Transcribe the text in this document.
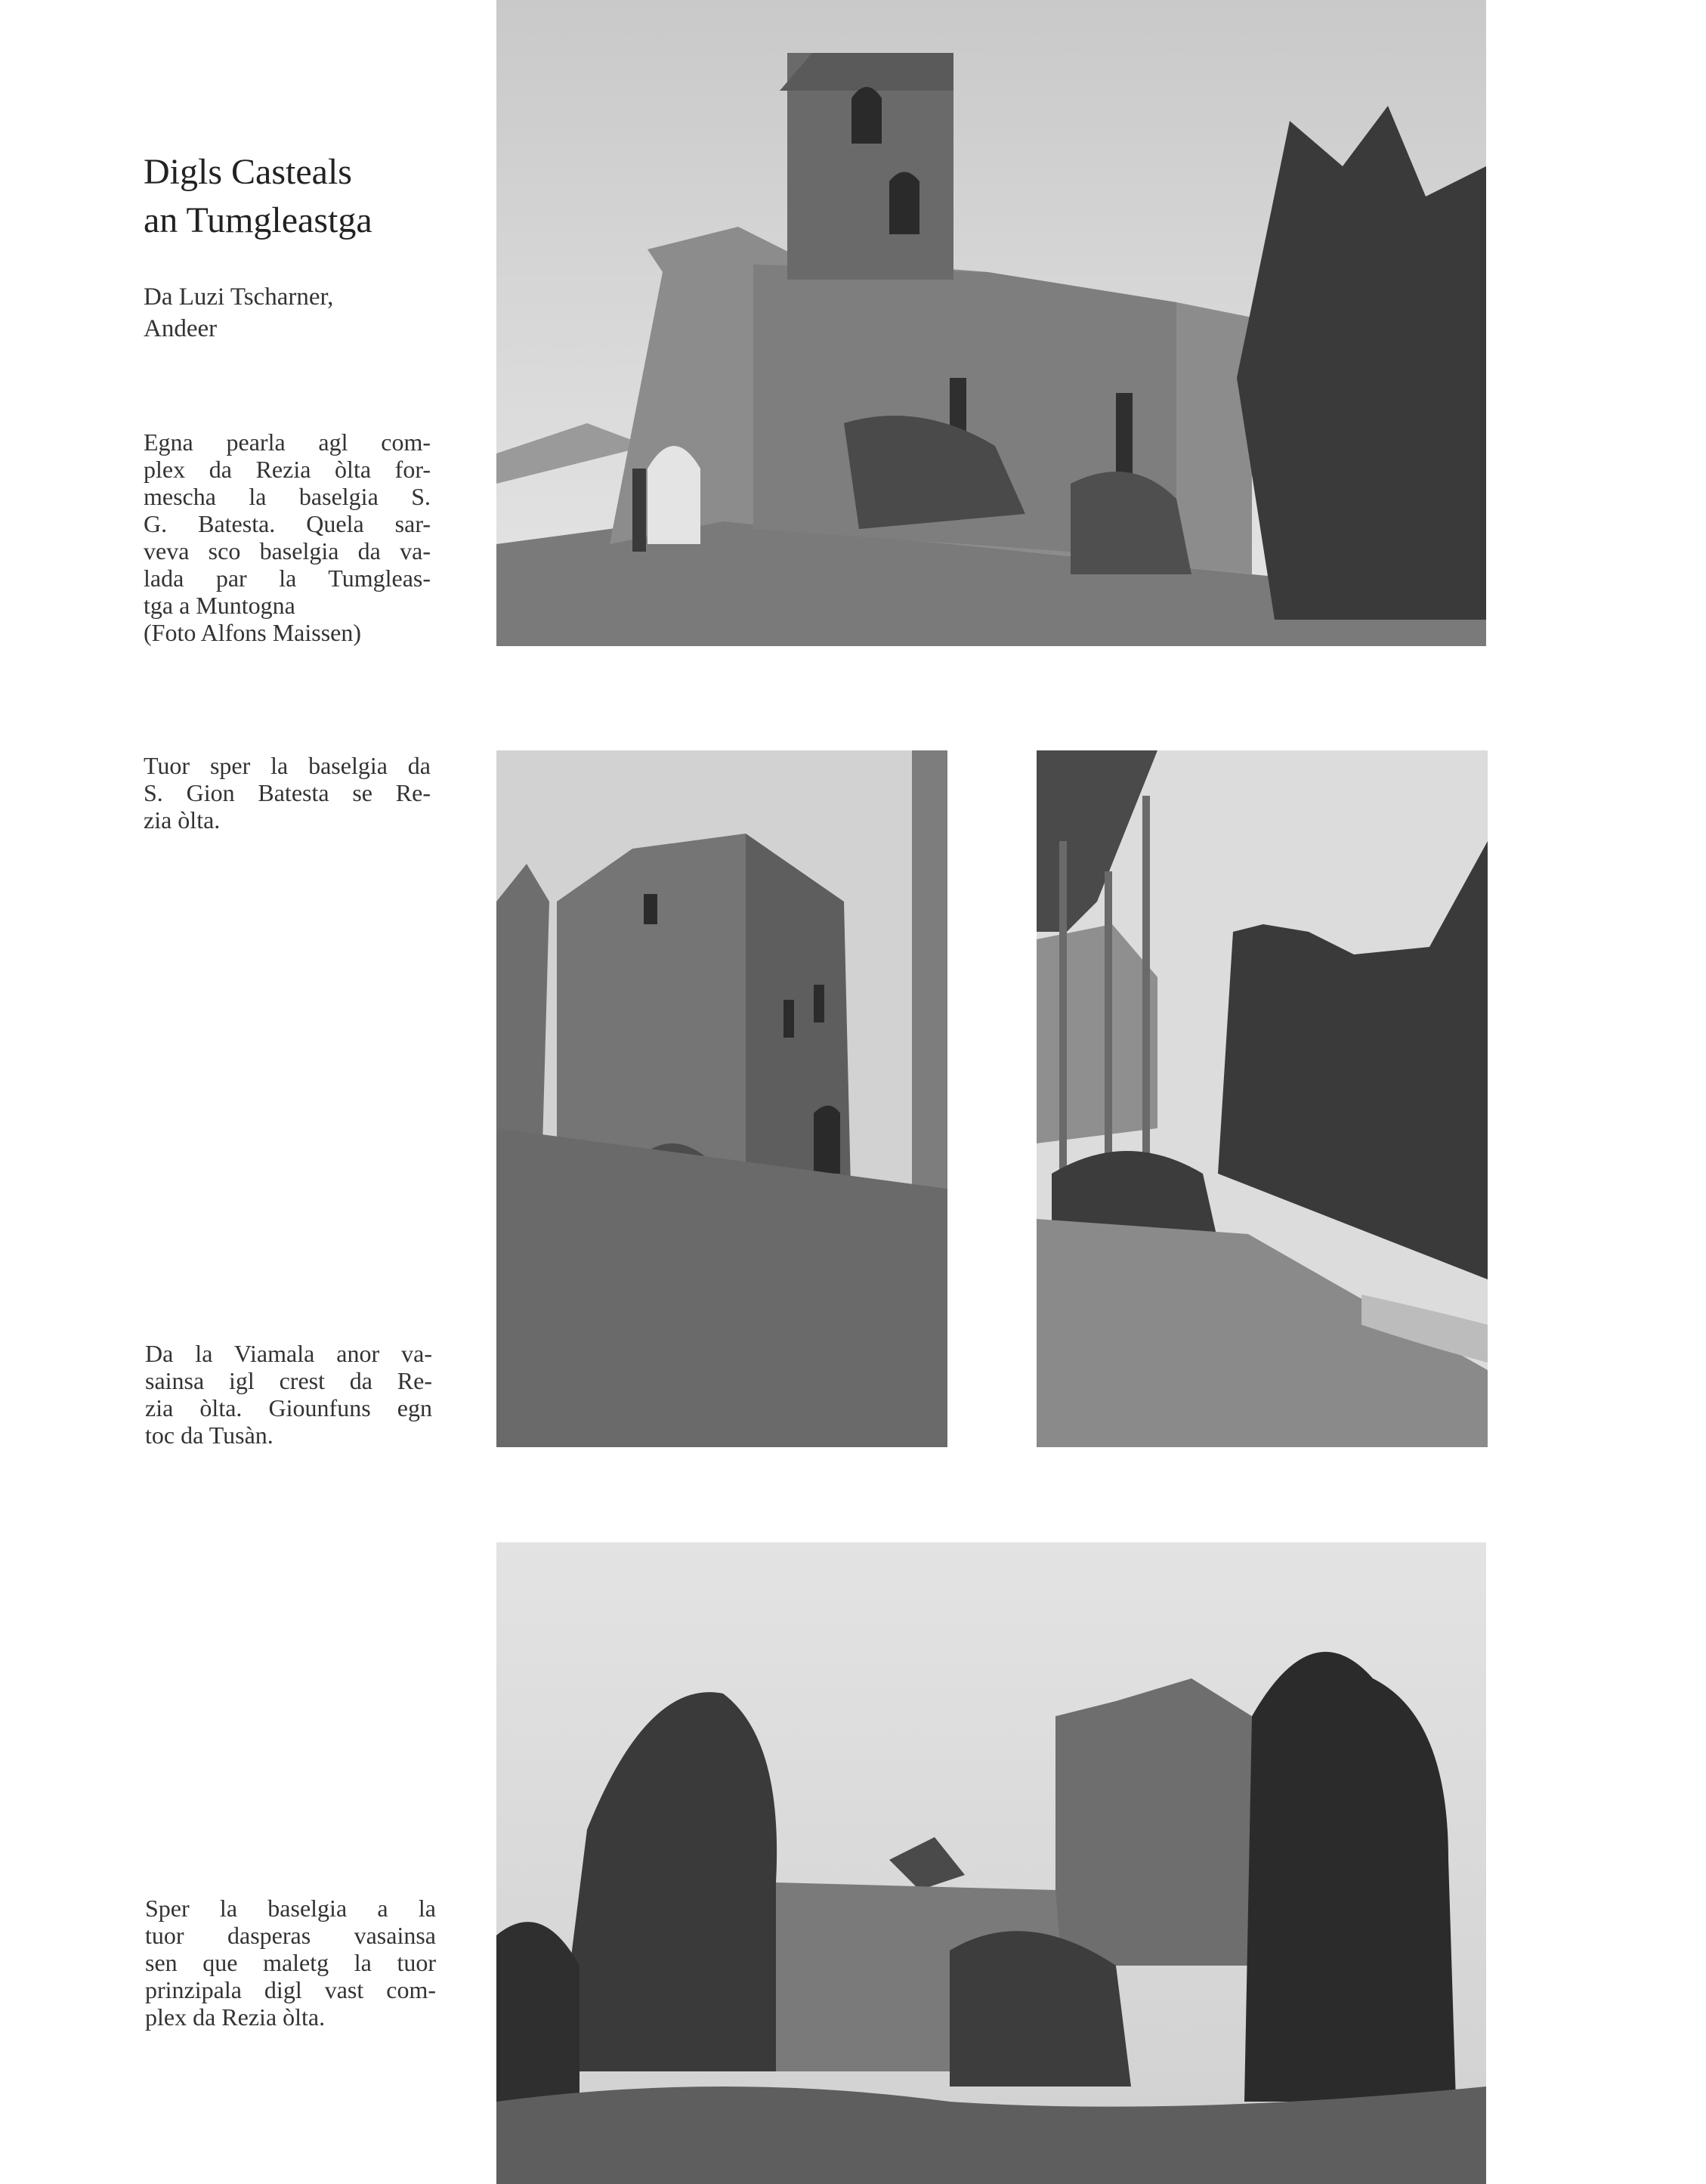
Digls Casteals
an Tumgleastga
Da Luzi Tscharner,
Andeer
Egna pearla agl com-
plex da Rezia òlta for-
mescha la baselgia S.
G. Batesta. Quela sar-
veva sco baselgia da va-
lada par la Tumgleas-
tga a Muntogna
(Foto Alfons Maissen)
Tuor sper la baselgia da
S. Gion Batesta se Re-
zia òlta.
Da la Viamala anor va-
sainsa igl crest da Re-
zia òlta. Giounfuns egn
toc da Tusàn.
Sper la baselgia a la
tuor dasperas vasainsa
sen que maletg la tuor
prinzipala digl vast com-
plex da Rezia òlta.
